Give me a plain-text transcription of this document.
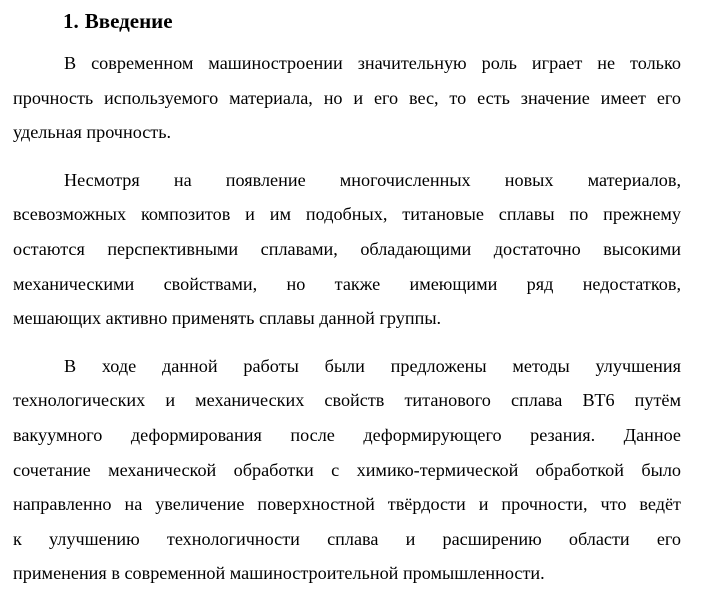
1. Введение
В современном машиностроении значительную роль играет не только
прочность используемого материала, но и его вес, то есть значение имеет его
удельная прочность.
Несмотря на появление многочисленных новых материалов,
всевозможных композитов и им подобных, титановые сплавы по прежнему
остаются перспективными сплавами, обладающими достаточно высокими
механическими свойствами, но также имеющими ряд недостатков,
мешающих активно применять сплавы данной группы.
В ходе данной работы были предложены методы улучшения
технологических и механических свойств титанового сплава ВТ6 путём
вакуумного деформирования после деформирующего резания. Данное
сочетание механической обработки с химико-термической обработкой было
направленно на увеличение поверхностной твёрдости и прочности, что ведёт
к улучшению технологичности сплава и расширению области его
применения в современной машиностроительной промышленности.
